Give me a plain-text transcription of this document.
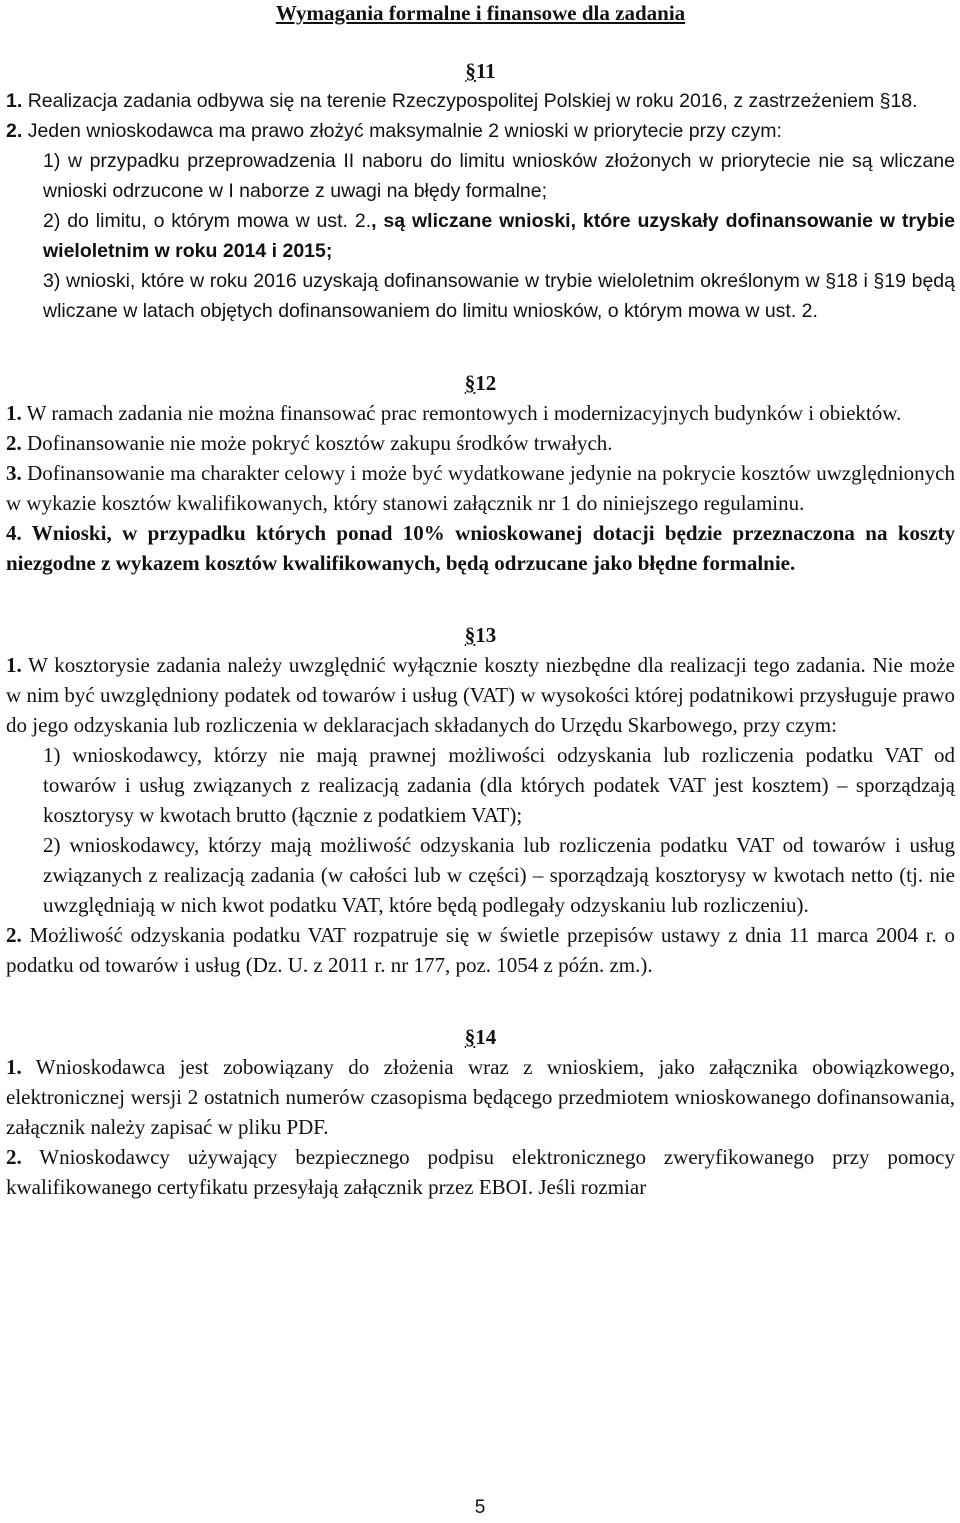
Wymagania formalne i finansowe dla zadania
§11

1. Realizacja zadania odbywa się na terenie Rzeczypospolitej Polskiej w roku 2016, z zastrzeżeniem §18.

2. Jeden wnioskodawca ma prawo złożyć maksymalnie 2 wnioski w priorytecie przy czym:

1) w przypadku przeprowadzenia II naboru do limitu wniosków złożonych w priorytecie nie są wliczane wnioski odrzucone w I naborze z uwagi na błędy formalne;

2) do limitu, o którym mowa w ust. 2., są wliczane wnioski, które uzyskały dofinansowanie w trybie wieloletnim w roku 2014 i 2015;

3) wnioski, które w roku 2016 uzyskają dofinansowanie w trybie wieloletnim określonym w §18 i §19 będą wliczane w latach objętych dofinansowaniem do limitu wniosków, o którym mowa w ust. 2.

§12

1. W ramach zadania nie można finansować prac remontowych i modernizacyjnych budynków i obiektów.

2. Dofinansowanie nie może pokryć kosztów zakupu środków trwałych.

3. Dofinansowanie ma charakter celowy i może być wydatkowane jedynie na pokrycie kosztów uwzględnionych w wykazie kosztów kwalifikowanych, który stanowi załącznik nr 1 do niniejszego regulaminu.

4. Wnioski, w przypadku których ponad 10% wnioskowanej dotacji będzie przeznaczona na koszty niezgodne z wykazem kosztów kwalifikowanych, będą odrzucane jako błędne formalnie.

§13

1. W kosztorysie zadania należy uwzględnić wyłącznie koszty niezbędne dla realizacji tego zadania. Nie może w nim być uwzględniony podatek od towarów i usług (VAT) w wysokości której podatnikowi przysługuje prawo do jego odzyskania lub rozliczenia w deklaracjach składanych do Urzędu Skarbowego, przy czym:

1) wnioskodawcy, którzy nie mają prawnej możliwości odzyskania lub rozliczenia podatku VAT od towarów i usług związanych z realizacją zadania (dla których podatek VAT jest kosztem) – sporządzają kosztorysy w kwotach brutto (łącznie z podatkiem VAT);

2) wnioskodawcy, którzy mają możliwość odzyskania lub rozliczenia podatku VAT od towarów i usług związanych z realizacją zadania (w całości lub w części) – sporządzają kosztorysy w kwotach netto (tj. nie uwzględniają w nich kwot podatku VAT, które będą podlegały odzyskaniu lub rozliczeniu).

2. Możliwość odzyskania podatku VAT rozpatruje się w świetle przepisów ustawy z dnia 11 marca 2004 r. o podatku od towarów i usług (Dz. U. z 2011 r. nr 177, poz. 1054 z późn. zm.).

§14

1. Wnioskodawca jest zobowiązany do złożenia wraz z wnioskiem, jako załącznika obowiązkowego, elektronicznej wersji 2 ostatnich numerów czasopisma będącego przedmiotem wnioskowanego dofinansowania, załącznik należy zapisać w pliku PDF.

2. Wnioskodawcy używający bezpiecznego podpisu elektronicznego zweryfikowanego przy pomocy kwalifikowanego certyfikatu przesyłają załącznik przez EBOI. Jeśli rozmiar

5
